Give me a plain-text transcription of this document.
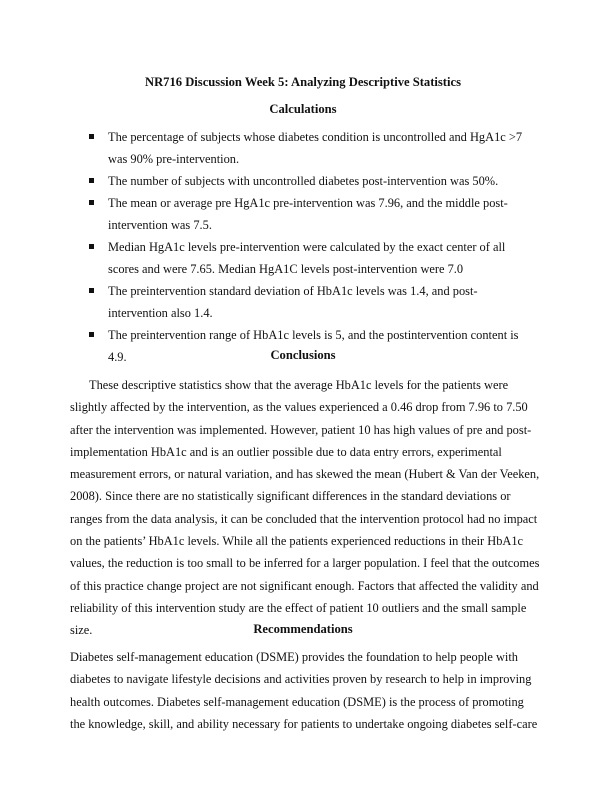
NR716 Discussion Week 5: Analyzing Descriptive Statistics
Calculations
The percentage of subjects whose diabetes condition is uncontrolled and HgA1c >7 was 90% pre-intervention.
The number of subjects with uncontrolled diabetes post-intervention was 50%.
The mean or average pre HgA1c pre-intervention was 7.96, and the middle post-intervention was 7.5.
Median HgA1c levels pre-intervention were calculated by the exact center of all scores and were 7.65. Median HgA1C levels post-intervention were 7.0
The preintervention standard deviation of HbA1c levels was 1.4, and post-intervention also 1.4.
The preintervention range of HbA1c levels is 5, and the postintervention content is 4.9.	Conclusions

These descriptive statistics show that the average HbA1c levels for the patients were slightly affected by the intervention, as the values experienced a 0.46 drop from 7.96 to 7.50 after the intervention was implemented. However, patient 10 has high values of pre and post-implementation HbA1c and is an outlier possible due to data entry errors, experimental measurement errors, or natural variation, and has skewed the mean (Hubert & Van der Veeken, 2008). Since there are no statistically significant differences in the standard deviations or ranges from the data analysis, it can be concluded that the intervention protocol had no impact on the patients’ HbA1c levels. While all the patients experienced reductions in their HbA1c values, the reduction is too small to be inferred for a larger population. I feel that the outcomes of this practice change project are not significant enough. Factors that affected the validity and reliability of this intervention study are the effect of patient 10 outliers and the small sample size.	Recommendations

Diabetes self-management education (DSME) provides the foundation to help people with diabetes to navigate lifestyle decisions and activities proven by research to help in improving health outcomes. Diabetes self-management education (DSME) is the process of promoting the knowledge, skill, and ability necessary for patients to undertake ongoing diabetes self-care
